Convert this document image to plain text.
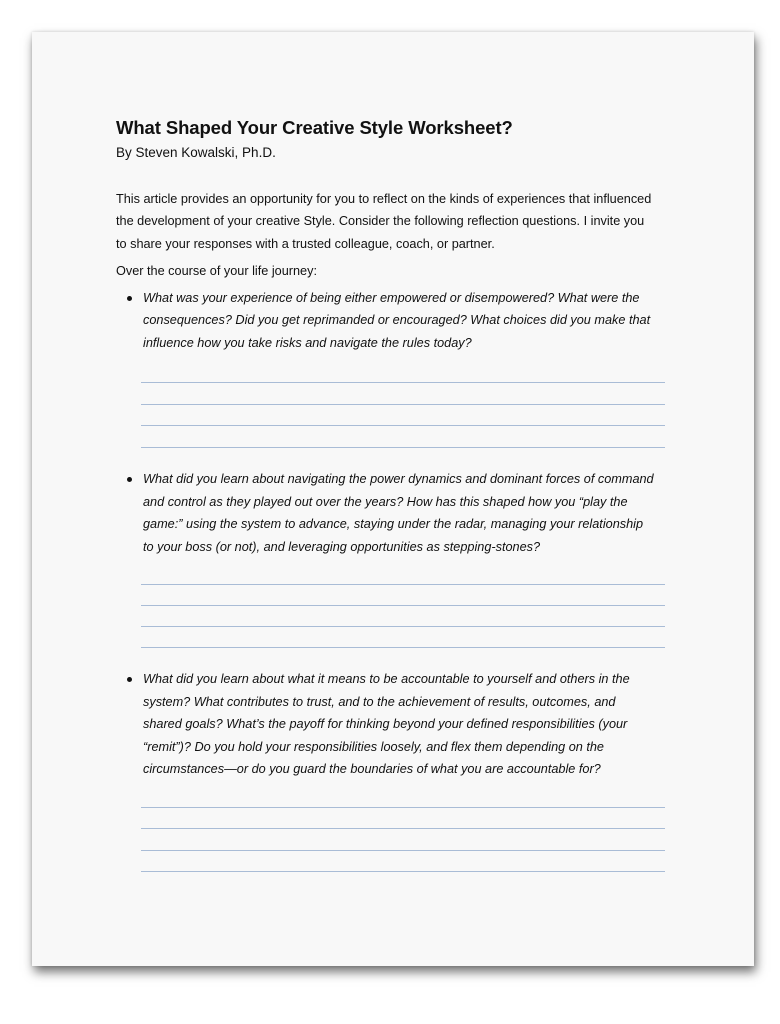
What Shaped Your Creative Style Worksheet?
By Steven Kowalski, Ph.D.
This article provides an opportunity for you to reflect on the kinds of experiences that influenced
the development of your creative Style. Consider the following reflection questions. I invite you
to share your responses with a trusted colleague, coach, or partner.
Over the course of your life journey:
What was your experience of being either empowered or disempowered? What were the
consequences? Did you get reprimanded or encouraged? What choices did you make that
influence how you take risks and navigate the rules today?
What did you learn about navigating the power dynamics and dominant forces of command
and control as they played out over the years? How has this shaped how you “play the
game:” using the system to advance, staying under the radar, managing your relationship
to your boss (or not), and leveraging opportunities as stepping-stones?
What did you learn about what it means to be accountable to yourself and others in the
system? What contributes to trust, and to the achievement of results, outcomes, and
shared goals? What’s the payoff for thinking beyond your defined responsibilities (your
“remit”)? Do you hold your responsibilities loosely, and flex them depending on the
circumstances—or do you guard the boundaries of what you are accountable for?
